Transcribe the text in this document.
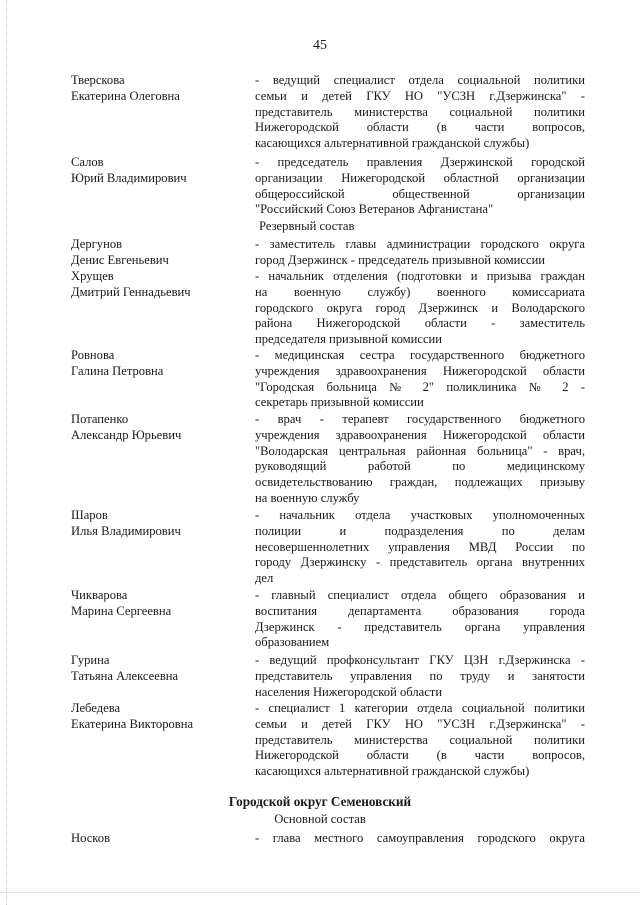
45
Тверскова
Екатерина Олеговна
- ведущий специалист отдела социальной политики
семьи и детей ГКУ НО "УСЗН г.Дзержинска" -
представитель министерства социальной политики
Нижегородской области (в части вопросов,
касающихся альтернативной гражданской службы)
Салов
Юрий Владимирович
- председатель правления Дзержинской городской
организации Нижегородской областной организации
общероссийской общественной организации
"Российский Союз Ветеранов Афганистана"
Резервный состав
Дергунов
Денис Евгеньевич
- заместитель главы администрации городского округа
город Дзержинск - председатель призывной комиссии
Хрущев
Дмитрий Геннадьевич
- начальник отделения (подготовки и призыва граждан
на военную службу) военного комиссариата
городского округа город Дзержинск и Володарского
района Нижегородской области - заместитель
председателя призывной комиссии
Ровнова
Галина Петровна
- медицинская сестра государственного бюджетного
учреждения здравоохранения Нижегородской области
"Городская больница № 2" поликлиника № 2 -
секретарь призывной комиссии
Потапенко
Александр Юрьевич
- врач - терапевт государственного бюджетного
учреждения здравоохранения Нижегородской области
"Володарская центральная районная больница" - врач,
руководящий работой по медицинскому
освидетельствованию граждан, подлежащих призыву
на военную службу
Шаров
Илья Владимирович
- начальник отдела участковых уполномоченных
полиции и подразделения по делам
несовершеннолетних управления МВД России по
городу Дзержинску - представитель органа внутренних
дел
Чикварова
Марина Сергеевна
- главный специалист отдела общего образования и
воспитания департамента образования города
Дзержинск - представитель органа управления
образованием
Гурина
Татьяна Алексеевна
- ведущий профконсультант ГКУ ЦЗН г.Дзержинска -
представитель управления по труду и занятости
населения Нижегородской области
Лебедева
Екатерина Викторовна
- специалист 1 категории отдела социальной политики
семьи и детей ГКУ НО "УСЗН г.Дзержинска" -
представитель министерства социальной политики
Нижегородской области (в части вопросов,
касающихся альтернативной гражданской службы)
Городской округ Семеновский
Основной состав
Носков	- глава местного самоуправления городского округа
